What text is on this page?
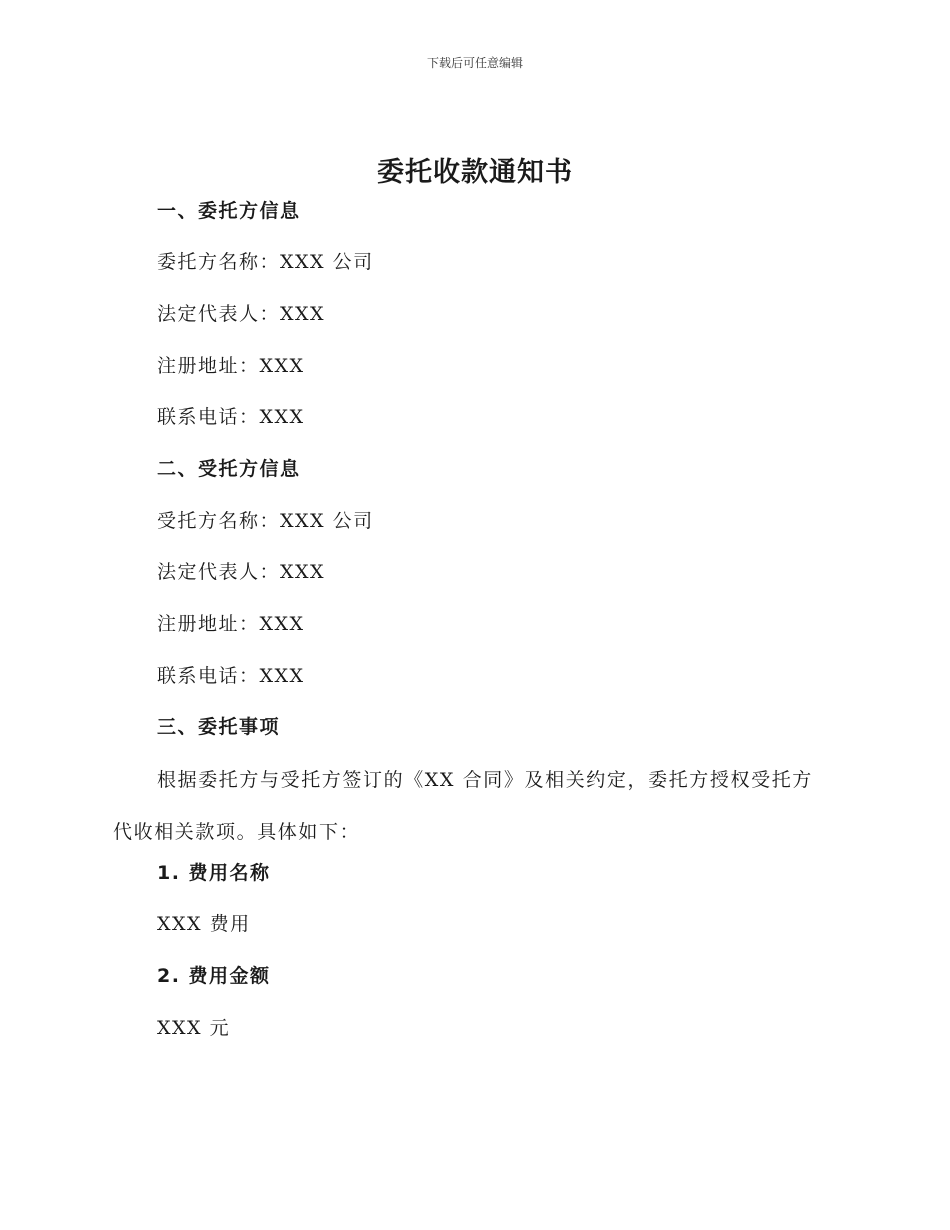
下载后可任意编辑
委托收款通知书
一、委托方信息
委托方名称：XXX 公司
法定代表人：XXX
注册地址：XXX
联系电话：XXX
二、受托方信息
受托方名称：XXX 公司
法定代表人：XXX
注册地址：XXX
联系电话：XXX
三、委托事项
根据委托方与受托方签订的《XX 合同》及相关约定，委托方授权受托方代收相关款项。具体如下：
1. 费用名称
XXX 费用
2. 费用金额
XXX 元
